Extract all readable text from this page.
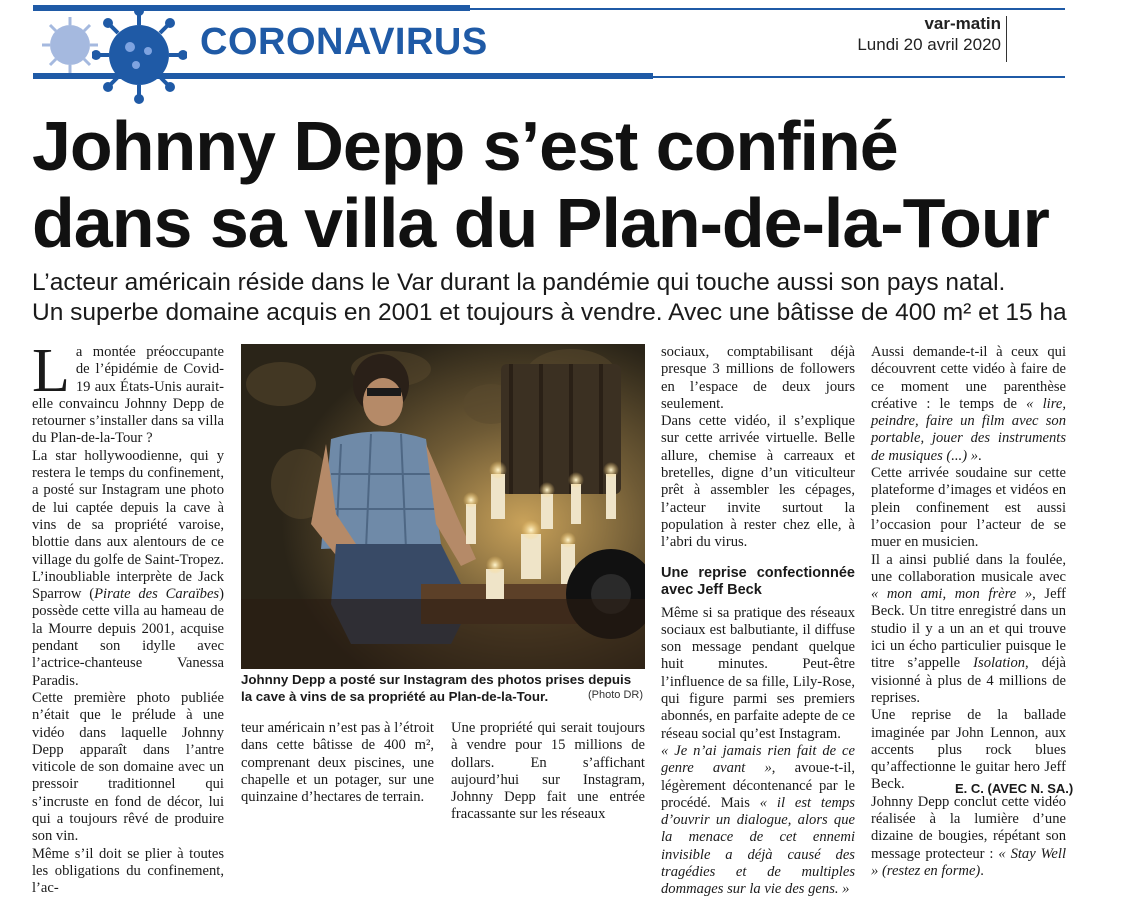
CORONAVIRUS	var-matin
Lundi 20 avril 2020
Johnny Depp s’est confiné
dans sa villa du Plan-de-la-Tour
L’acteur américain réside dans le Var durant la pandémie qui touche aussi son pays natal.
Un superbe domaine acquis en 2001 et toujours à vendre. Avec une bâtisse de 400 m² et 15 ha

La montée préoccupante de l’épidémie de Covid-19 aux États-Unis aurait-elle convaincu Johnny Depp de retourner s’installer dans sa villa du Plan-de-la-Tour ?

La star hollywoodienne, qui y restera le temps du confinement, a posté sur Instagram une photo de lui captée depuis la cave à vins de sa propriété varoise, blottie dans aux alentours de ce village du golfe de Saint-Tropez.

L’inoubliable interprète de Jack Sparrow (Pirate des Caraïbes) possède cette villa au hameau de la Mourre depuis 2001, acquise pendant son idylle avec l’actrice-chanteuse Vanessa Paradis.

Cette première photo publiée n’était que le prélude à une vidéo dans laquelle Johnny Depp apparaît dans l’antre viticole de son domaine avec un pressoir traditionnel qui s’incruste en fond de décor, lui qui a toujours rêvé de produire son vin.

Même s’il doit se plier à toutes les obligations du confinement, l’ac-

Johnny Depp a posté sur Instagram des photos prises depuis la cave à vins de sa propriété au Plan-de-la-Tour.	(Photo DR)

teur américain n’est pas à l’étroit dans cette bâtisse de 400 m², comprenant deux piscines, une chapelle et un potager, sur une quinzaine d’hectares de terrain.

Une propriété qui serait toujours à vendre pour 15 millions de dollars. En s’affichant aujourd’hui sur Instagram, Johnny Depp fait une entrée fracassante sur les réseaux

sociaux, comptabilisant déjà presque 3 millions de followers en l’espace de deux jours seulement.

Dans cette vidéo, il s’explique sur cette arrivée virtuelle. Belle allure, chemise à carreaux et bretelles, digne d’un viticulteur prêt à assembler les cépages, l’acteur invite surtout la population à rester chez elle, à l’abri du virus.

Une reprise confectionnée avec Jeff Beck

Même si sa pratique des réseaux sociaux est balbutiante, il diffuse son message pendant quelque huit minutes. Peut-être l’influence de sa fille, Lily-Rose, qui figure parmi ses premiers abonnés, en parfaite adepte de ce réseau social qu’est Instagram.

« Je n’ai jamais rien fait de ce genre avant », avoue-t-il, légèrement décontenancé par le procédé. Mais « il est temps d’ouvrir un dialogue, alors que la menace de cet ennemi invisible a déjà causé des tragédies et de multiples dommages sur la vie des gens. »

Aussi demande-t-il à ceux qui découvrent cette vidéo à faire de ce moment une parenthèse créative : le temps de « lire, peindre, faire un film avec son portable, jouer des instruments de musiques (...) ».

Cette arrivée soudaine sur cette plateforme d’images et vidéos en plein confinement est aussi l’occasion pour l’acteur de se muer en musicien.

Il a ainsi publié dans la foulée, une collaboration musicale avec « mon ami, mon frère », Jeff Beck. Un titre enregistré dans un studio il y a un an et qui trouve ici un écho particulier puisque le titre s’appelle Isolation, déjà visionné à plus de 4 millions de reprises.

Une reprise de la ballade imaginée par John Lennon, aux accents plus rock blues qu’affectionne le guitar hero Jeff Beck.

Johnny Depp conclut cette vidéo réalisée à la lumière d’une dizaine de bougies, répétant son message protecteur : « Stay Well » (restez en forme).

E. C. (AVEC N. SA.)
